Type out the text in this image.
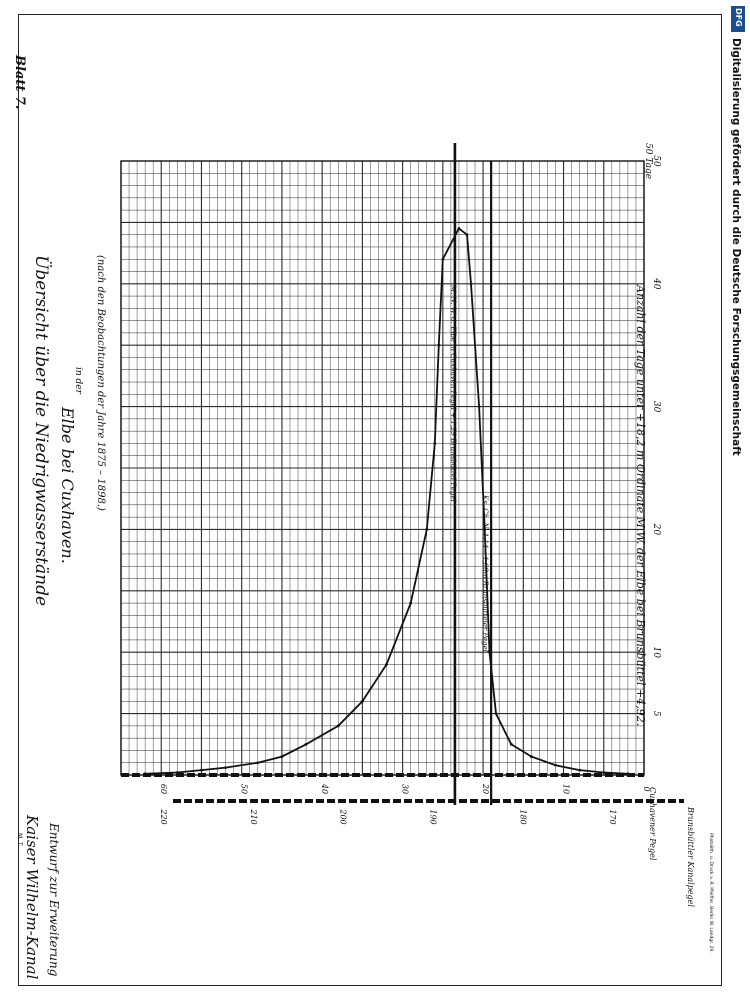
0
10
20
30
40
50
60
170
180
190
200
210
220
5
10
20
30
40
50
Blatt 7.
Kaiser Wilhelm-Kanal Entwurf zur Erweiterung
Übersicht über die Niedrigwasserstände in der
Elbe bei Cuxhaven. (nach den Beobachtungen der Jahre 1875 – 1898.)	M. N. W. d. Elbe in Cuxhaven Pegel + 1,29 Brunsbüttel Pegel
Ks. Ch. N. 1,14 – 1,08m Brunsbütteler Pegel	Anzahl der Tage unter +18,2 m Ordinate M.W. der Elbe bei Brunsbüttel +4,92.
50 Tage
Cuxhavener Pegel	Brunsbüttler Kanalpegel	Photolith. u. Druck v. R. Pfeiffer, Berlin W. Landgr. 29.
M. T.
DFG
Digitalisierung gefördert durch die Deutsche Forschungsgemeinschaft
